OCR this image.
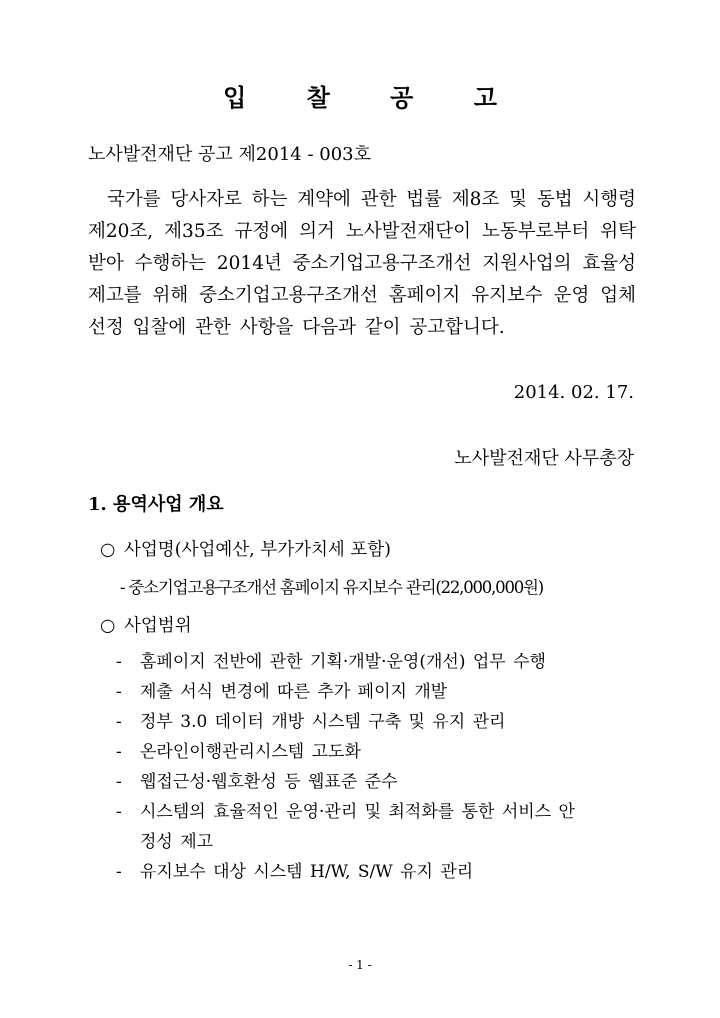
입 찰 공 고
노사발전재단 공고 제2014 - 003호
국가를 당사자로 하는 계약에 관한 법률 제8조 및 동법 시행령 제20조, 제35조 규정에 의거 노사발전재단이 노동부로부터 위탁받아 수행하는 2014년 중소기업고용구조개선 지원사업의 효율성 제고를 위해 중소기업고용구조개선 홈페이지 유지보수 운영 업체 선정 입찰에 관한 사항을 다음과 같이 공고합니다.
2014. 02. 17.
노사발전재단 사무총장
1. 용역사업 개요
○ 사업명(사업예산, 부가가치세 포함)
- 중소기업고용구조개선 홈페이지 유지보수 관리(22,000,000원)
○ 사업범위
- 홈페이지 전반에 관한 기획·개발·운영(개선) 업무 수행
- 제출 서식 변경에 따른 추가 페이지 개발
- 정부 3.0 데이터 개방 시스템 구축 및 유지 관리
- 온라인이행관리시스템 고도화
- 웹접근성·웹호환성 등 웹표준 준수
- 시스템의 효율적인 운영·관리 및 최적화를 통한 서비스 안
정성 제고
- 유지보수 대상 시스템 H/W, S/W 유지 관리
- 1 -
